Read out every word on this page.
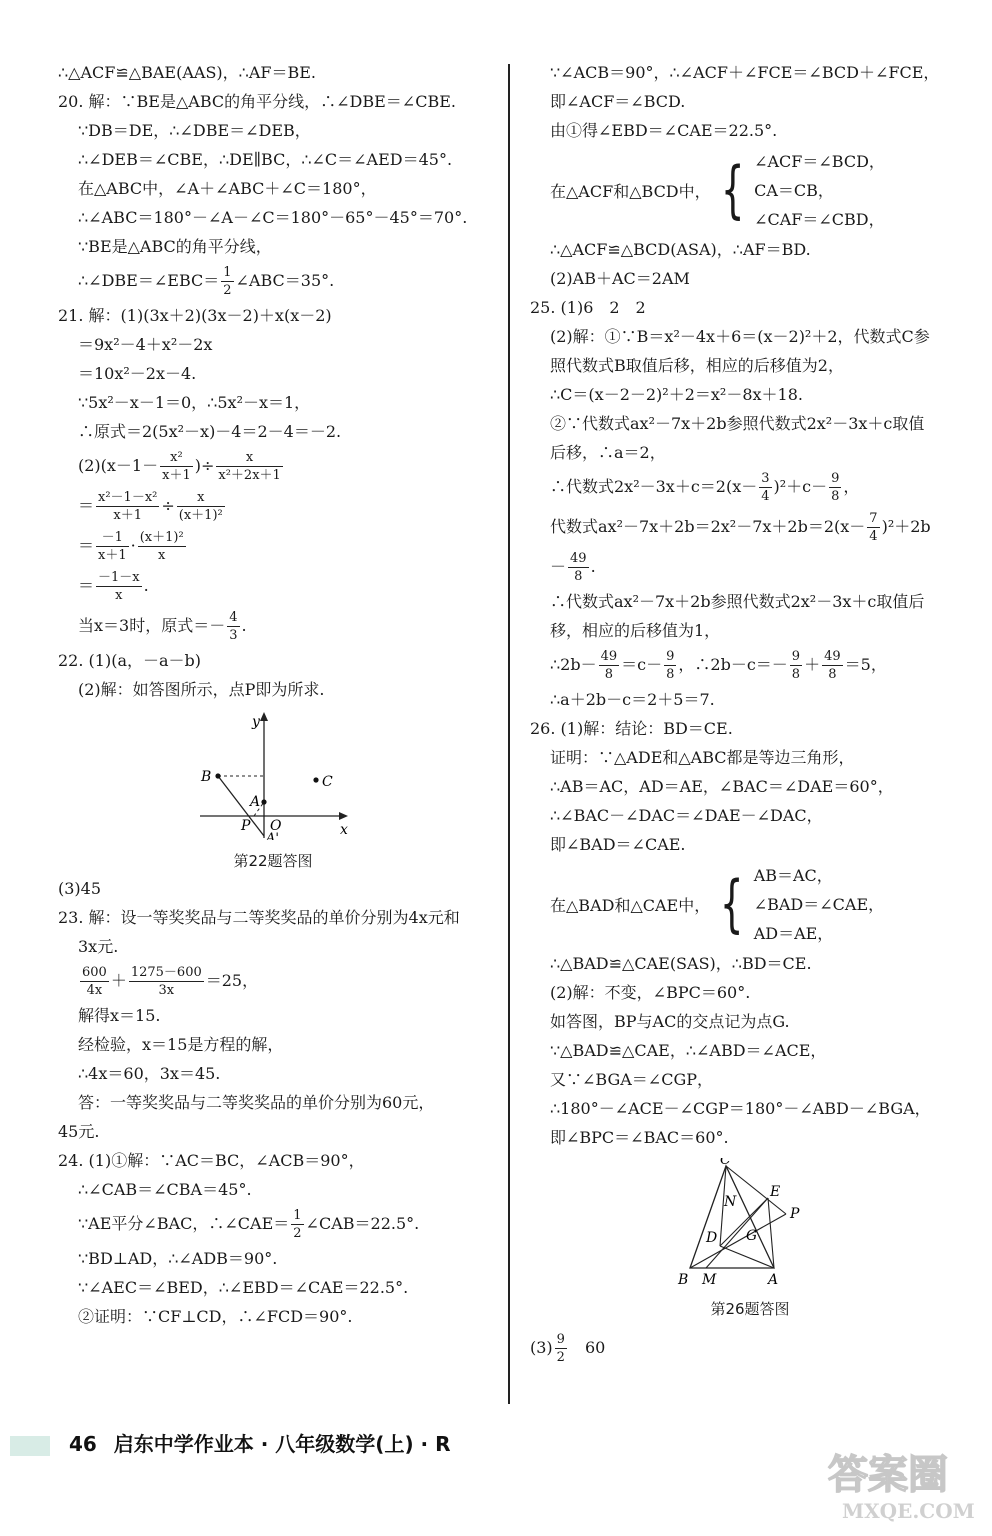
∴△ACF≌△BAE(AAS)，∴AF＝BE.
20. 解：∵BE是△ABC的角平分线，∴∠DBE＝∠CBE.
∵DB＝DE，∴∠DBE＝∠DEB，
∴∠DEB＝∠CBE，∴DE∥BC，∴∠C＝∠AED＝45°.
在△ABC中，∠A＋∠ABC＋∠C＝180°，
∴∠ABC＝180°－∠A－∠C＝180°－65°－45°＝70°.
∵BE是△ABC的角平分线，
∴∠DBE＝∠EBC＝ $\frac{1}{2}$ ∠ABC＝35°.
21. 解：(1)(3x＋2)(3x－2)＋x(x－2)
＝9x²－4＋x²－2x
＝10x²－2x－4.
∵5x²－x－1＝0，∴5x²－x＝1，
∴原式＝2(5x²－x)－4＝2－4＝－2.
$(2)(x-1- \frac{\text{x²}}{x+1}$ )÷ $\frac{x}{\text{x²＋2x＋1}}$
＝ $\frac{\text{x²－1－x²}}{x+1} \div \frac{x}{\text{(x＋1)²}}$
＝ $\frac{-1}{x+1} \cdot \frac{\text{(x＋1)²}}{x}$
＝ $\frac{-1-x}{x}$ .
当x＝3时，原式＝－ $\frac{4}{3}$ .
22. (1)(a，－a－b)
(2)解：如答图所示，点P即为所求.
y
x
B
A
C
P O
A'
第22题答图
(3)45
23. 解：设一等奖奖品与二等奖奖品的单价分别为4x元和
3x元.
$\frac{600}{4x} + \frac{1275-600}{3x} =25$，
解得x＝15.
经检验，x＝15是方程的解，
∴4x＝60，3x＝45.
答：一等奖奖品与二等奖奖品的单价分别为60元，
45元.
24. (1)①解：∵AC＝BC，∠ACB＝90°，
∴∠CAB＝∠CBA＝45°.
∵AE平分∠BAC，∴∠CAE＝ $\frac{1}{2}$ ∠CAB＝22.5°.
∵BD⊥AD，∴∠ADB＝90°.
∵∠AEC＝∠BED，∴∠EBD＝∠CAE＝22.5°.
②证明：∵CF⊥CD，∴∠FCD＝90°.
∵∠ACB＝90°，∴∠ACF＋∠FCE＝∠BCD＋∠FCE，
即∠ACF＝∠BCD.
由①得∠EBD＝∠CAE＝22.5°.
在△ACF和△BCD中， { ∠ACF＝∠BCD，
CA＝CB，
∠CAF＝∠CBD，
∴△ACF≌△BCD(ASA)，∴AF＝BD.
(2)AB＋AC＝2AM
25. (1)6　2　2
(2)解：①∵B＝x²－4x＋6＝(x－2)²＋2，代数式C参
照代数式B取值后移，相应的后移值为2，
∴C＝(x－2－2)²＋2＝x²－8x＋18.
②∵代数式ax²－7x＋2b参照代数式2x²－3x＋c取值
后移，∴a＝2，
∴代数式$2x^2-3x+c=2(x- \frac{3}{4} )^2+c- \frac{9}{8}$ ，
代数式$ax^2-7x+2b=2x^2-7x+2b=2(x- \frac{7}{4} )^2+2b$
－ $\frac{49}{8}$ .
∴代数式ax²－7x＋2b参照代数式2x²－3x＋c取值后
移，相应的后移值为1，
∴2b－ $\frac{49}{8} =c- \frac{9}{8}$ ，∴2b－c＝－ $\frac{9}{8} + \frac{49}{8} =5$，
∴a＋2b－c＝2＋5＝7.
26. (1)解：结论：BD＝CE.
证明：∵△ADE和△ABC都是等边三角形，
∴AB＝AC，AD＝AE，∠BAC＝∠DAE＝60°，
∴∠BAC－∠DAC＝∠DAE－∠DAC，
即∠BAD＝∠CAE.
在△BAD和△CAE中， { AB＝AC，
∠BAD＝∠CAE，
AD＝AE，
∴△BAD≌△CAE(SAS)，∴BD＝CE.
(2)解：不变，∠BPC＝60°.
如答图，BP与AC的交点记为点G.
∵△BAD≌△CAE，∴∠ABD＝∠ACE，
又∵∠BGA＝∠CGP，
∴180°－∠ACE－∠CGP＝180°－∠ABD－∠BGA，
即∠BPC＝∠BAC＝60°.
C
E
N
P
D G
B M	A
第26题答图
$(3) \frac{9}{2}$ 　60
46 启东中学作业本 · 八年级数学(上) · R
答案圈
MXQE.COM
